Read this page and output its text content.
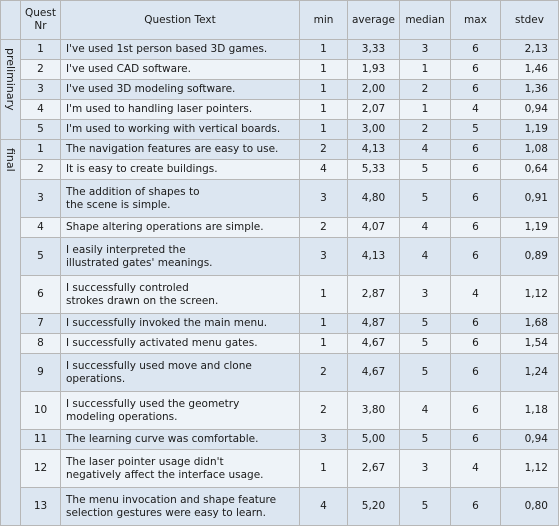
	Quest
Nr	Question Text	min	average	median	max	stdev
preliminary	1	I've used 1st person based 3D games.	1	3,33	3	6	2,13
	2	I've used CAD software.	1	1,93	1	6	1,46
	3	I've used 3D modeling software.	1	2,00	2	6	1,36
	4	I'm used to handling laser pointers.	1	2,07	1	4	0,94
	5	I'm used to working with vertical boards.	1	3,00	2	5	1,19
final	1	The navigation features are easy to use.	2	4,13	4	6	1,08
	2	It is easy to create buildings.	4	5,33	5	6	0,64
	3	The addition of shapes to
the scene is simple.	3	4,80	5	6	0,91
	4	Shape altering operations are simple.	2	4,07	4	6	1,19
	5	I easily interpreted the
illustrated gates' meanings.	3	4,13	4	6	0,89
	6	I successfully controled
strokes drawn on the screen.	1	2,87	3	4	1,12
	7	I successfully invoked the main menu.	1	4,87	5	6	1,68
	8	I successfully activated menu gates.	1	4,67	5	6	1,54
	9	I successfully used move and clone
operations.	2	4,67	5	6	1,24
	10	I successfully used the geometry
modeling operations.	2	3,80	4	6	1,18
	11	The learning curve was comfortable.	3	5,00	5	6	0,94
	12	The laser pointer usage didn't
negatively affect the interface usage.	1	2,67	3	4	1,12
	13	The menu invocation and shape feature
selection gestures were easy to learn.	4	5,20	5	6	0,80
